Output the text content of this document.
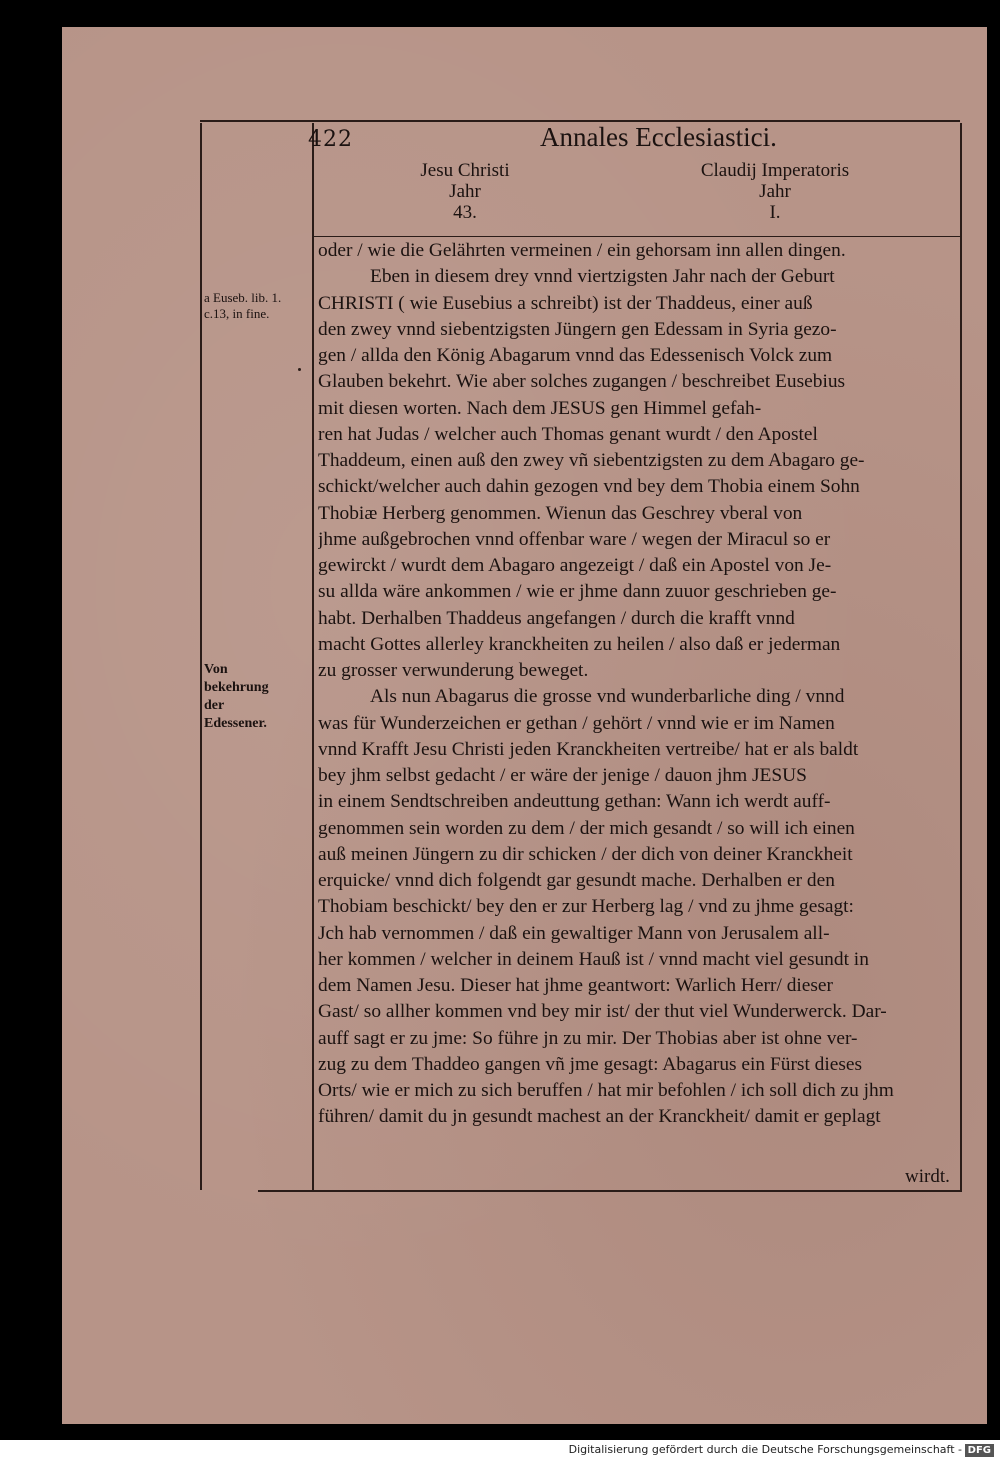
422	Annales Ecclesiastici.
Jesu Christi
Jahr
43.
Claudij Imperatoris
Jahr
I.
a Euseb. lib. 1. c.13, in fine.
Von bekehrung der Edessener.
oder / wie die Gelährten vermeinen / ein gehorsam inn allen dingen.
Eben in diesem drey vnnd viertzigsten Jahr nach der Geburt
CHRISTI ( wie Eusebius a schreibt) ist der Thaddeus, einer auß
den zwey vnnd siebentzigsten Jüngern gen Edessam in Syria gezo-
gen / allda den König Abagarum vnnd das Edessenisch Volck zum
Glauben bekehrt. Wie aber solches zugangen / beschreibet Eusebius
mit diesen worten. Nach dem JESUS gen Himmel gefah-
ren hat Judas / welcher auch Thomas genant wurdt / den Apostel
Thaddeum, einen auß den zwey vñ siebentzigsten zu dem Abagaro ge-
schickt/welcher auch dahin gezogen vnd bey dem Thobia einem Sohn
Thobiæ Herberg genommen. Wienun das Geschrey vberal von
jhme außgebrochen vnnd offenbar ware / wegen der Miracul so er
gewirckt / wurdt dem Abagaro angezeigt / daß ein Apostel von Je-
su allda wäre ankommen / wie er jhme dann zuuor geschrieben ge-
habt. Derhalben Thaddeus angefangen / durch die krafft vnnd
macht Gottes allerley kranckheiten zu heilen / also daß er jederman
zu grosser verwunderung beweget.
Als nun Abagarus die grosse vnd wunderbarliche ding / vnnd
was für Wunderzeichen er gethan / gehört / vnnd wie er im Namen
vnnd Krafft Jesu Christi jeden Kranckheiten vertreibe/ hat er als baldt
bey jhm selbst gedacht / er wäre der jenige / dauon jhm JESUS
in einem Sendtschreiben andeuttung gethan: Wann ich werdt auff-
genommen sein worden zu dem / der mich gesandt / so will ich einen
auß meinen Jüngern zu dir schicken / der dich von deiner Kranckheit
erquicke/ vnnd dich folgendt gar gesundt mache. Derhalben er den
Thobiam beschickt/ bey den er zur Herberg lag / vnd zu jhme gesagt:
Jch hab vernommen / daß ein gewaltiger Mann von Jerusalem all-
her kommen / welcher in deinem Hauß ist / vnnd macht viel gesundt in
dem Namen Jesu. Dieser hat jhme geantwort: Warlich Herr/ dieser
Gast/ so allher kommen vnd bey mir ist/ der thut viel Wunderwerck. Dar-
auff sagt er zu jme: So führe jn zu mir. Der Thobias aber ist ohne ver-
zug zu dem Thaddeo gangen vñ jme gesagt: Abagarus ein Fürst dieses
Orts/ wie er mich zu sich beruffen / hat mir befohlen / ich soll dich zu jhm
führen/ damit du jn gesundt machest an der Kranckheit/ damit er geplagt
wirdt.
Digitalisierung gefördert durch die Deutsche Forschungsgemeinschaft - DFG
